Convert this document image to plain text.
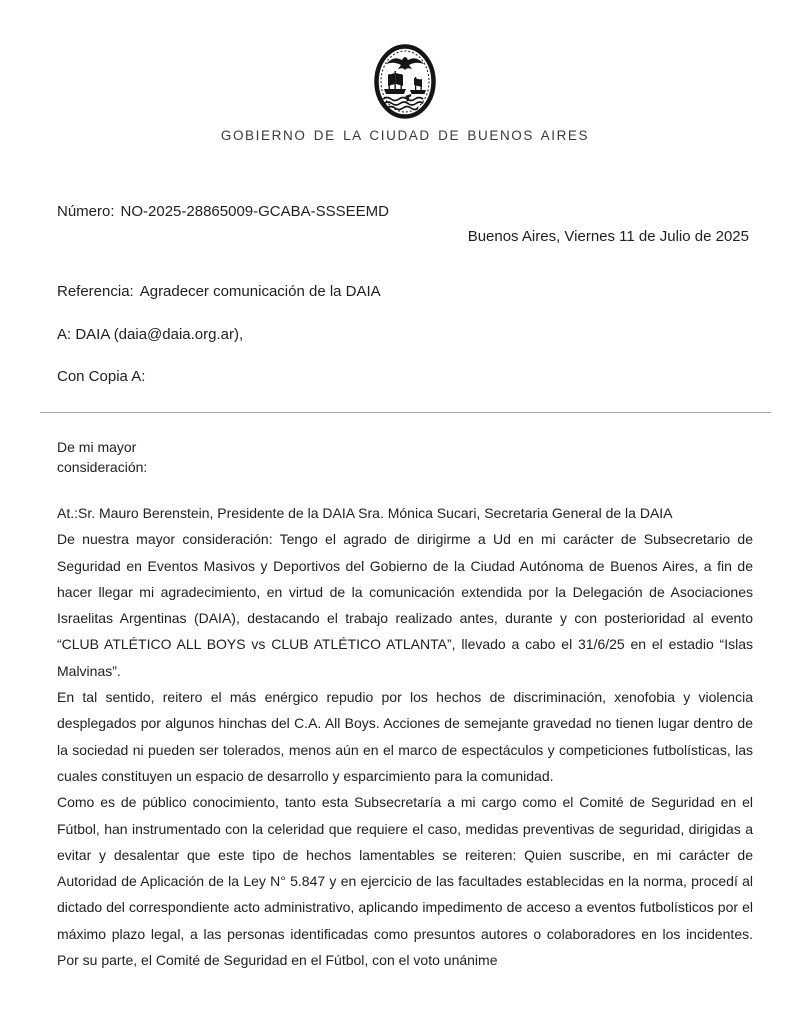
GOBIERNO DE LA CIUDAD DE BUENOS AIRES
Número: NO-2025-28865009-GCABA-SSSEEMD
Buenos Aires, Viernes 11 de Julio de 2025
Referencia: Agradecer comunicación de la DAIA
A: DAIA (daia@daia.org.ar),
Con Copia A:
De mi mayor
consideración:

At.:Sr. Mauro Berenstein, Presidente de la DAIA Sra. Mónica Sucari, Secretaria General de la DAIA

De nuestra mayor consideración: Tengo el agrado de dirigirme a Ud en mi carácter de Subsecretario de Seguridad en Eventos Masivos y Deportivos del Gobierno de la Ciudad Autónoma de Buenos Aires, a fin de hacer llegar mi agradecimiento, en virtud de la comunicación extendida por la Delegación de Asociaciones Israelitas Argentinas (DAIA), destacando el trabajo realizado antes, durante y con posterioridad al evento “CLUB ATLÉTICO ALL BOYS vs CLUB ATLÉTICO ATLANTA”, llevado a cabo el 31/6/25 en el estadio “Islas Malvinas”.

En tal sentido, reitero el más enérgico repudio por los hechos de discriminación, xenofobia y violencia desplegados por algunos hinchas del C.A. All Boys. Acciones de semejante gravedad no tienen lugar dentro de la sociedad ni pueden ser tolerados, menos aún en el marco de espectáculos y competiciones futbolísticas, las cuales constituyen un espacio de desarrollo y esparcimiento para la comunidad.

Como es de público conocimiento, tanto esta Subsecretaría a mi cargo como el Comité de Seguridad en el Fútbol, han instrumentado con la celeridad que requiere el caso, medidas preventivas de seguridad, dirigidas a evitar y desalentar que este tipo de hechos lamentables se reiteren: Quien suscribe, en mi carácter de Autoridad de Aplicación de la Ley N° 5.847 y en ejercicio de las facultades establecidas en la norma, procedí al dictado del correspondiente acto administrativo, aplicando impedimento de acceso a eventos futbolísticos por el máximo plazo legal, a las personas identificadas como presuntos autores o colaboradores en los incidentes. Por su parte, el Comité de Seguridad en el Fútbol, con el voto unánime
